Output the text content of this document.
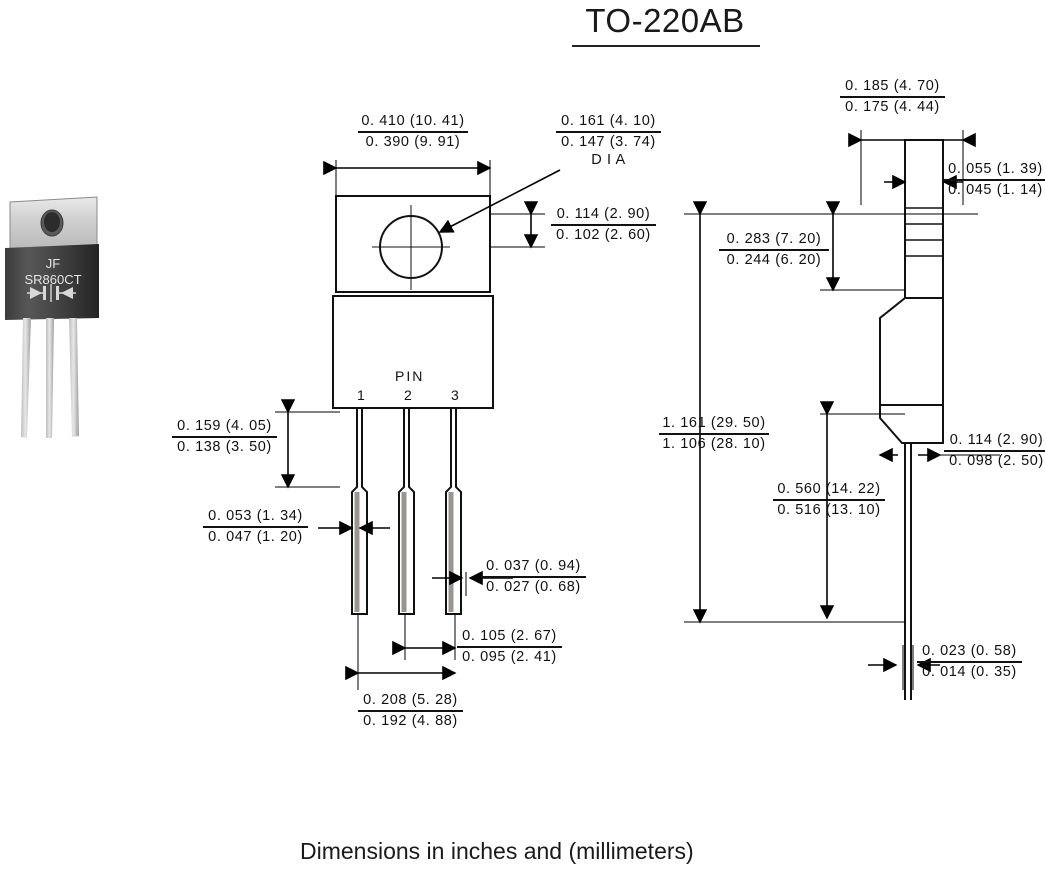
TO-220AB
JF
SR860CT
PIN
1	2	3
0. 410 (10. 41)
0. 390 (9. 91)
0. 161 (4. 10)
0. 147 (3. 74)
D I A
0. 114 (2. 90)
0. 102 (2. 60)
0. 159 (4. 05)
0. 138 (3. 50)
0. 053 (1. 34)
0. 047 (1. 20)
0. 037 (0. 94)
0. 027 (0. 68)
0. 105 (2. 67)
0. 095 (2. 41)
0. 208 (5. 28)
0. 192 (4. 88)
0. 185 (4. 70)
0. 175 (4. 44)
0. 055 (1. 39)
0. 045 (1. 14)
0. 283 (7. 20)
0. 244 (6. 20)
1. 161 (29. 50)
1. 106 (28. 10)
0. 560 (14. 22)
0. 516 (13. 10)
0. 114 (2. 90)
0. 098 (2. 50)
0. 023 (0. 58)
0. 014 (0. 35)
Dimensions in inches and (millimeters)
